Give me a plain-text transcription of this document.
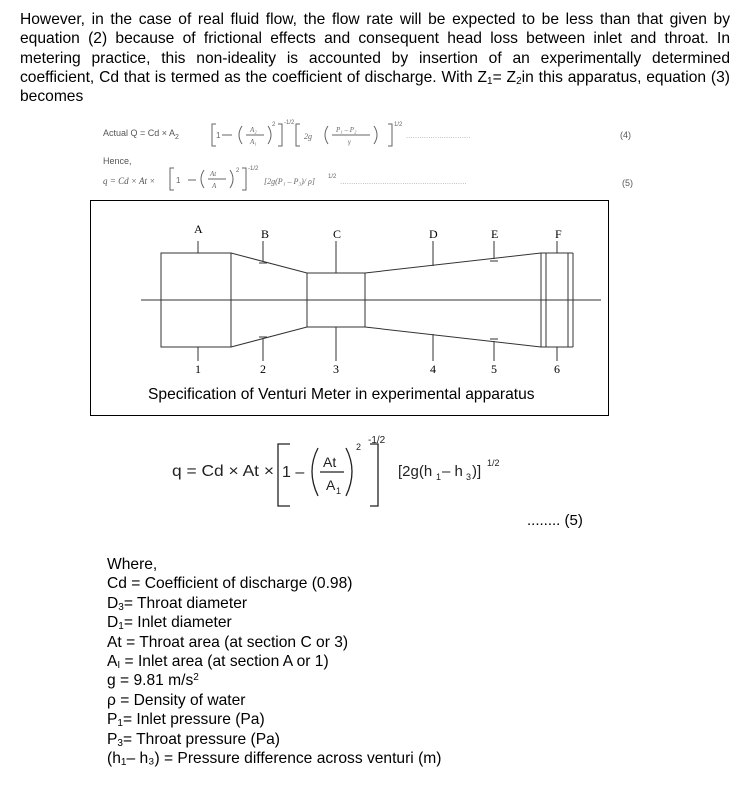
However, in the case of real fluid flow, the flow rate will be expected to be less than that given by equation (2) because of frictional effects and consequent head loss between inlet and throat. In metering practice, this non-ideality is accounted by insertion of an experimentally determined coefficient, Cd that is termed as the coefficient of discharge. With $Z_1= Z_2in$ this apparatus, equation (3) becomes

Actual $Q = Cd \times A_2$	1
A₂
A₁
2 -1/2
2g
P₁ – P₂
γ
1/2
.............................	(4)
Hence,
q = Cd × At ×	1
At
A
2 -1/2
[2g(P₁ – P₃)/ ρ] 1/2 .........................................................	(5)
A	B	C	D	E	F
1	2	3	4	5	6
Specification of Venturi Meter in experimental apparatus
q = Cd × At × 1 –
At
A 1
2
-1/2
[2g(h 1 – h 3 )] 1/2
........ (5)
Where,
Cd = Coefficient of discharge (0.98)
$D_3=$ Throat diameter
$D_1=$ Inlet diameter
At = Throat area (at section C or 3)
$A_I$ = Inlet area (at section A or 1)
g = 9.81 $m/s^2$
ρ = Density of water
$P_1=$ Inlet pressure (Pa)
$P_3=$ Throat pressure (Pa)
($h_1-$ h₃) = Pressure difference across venturi (m)
